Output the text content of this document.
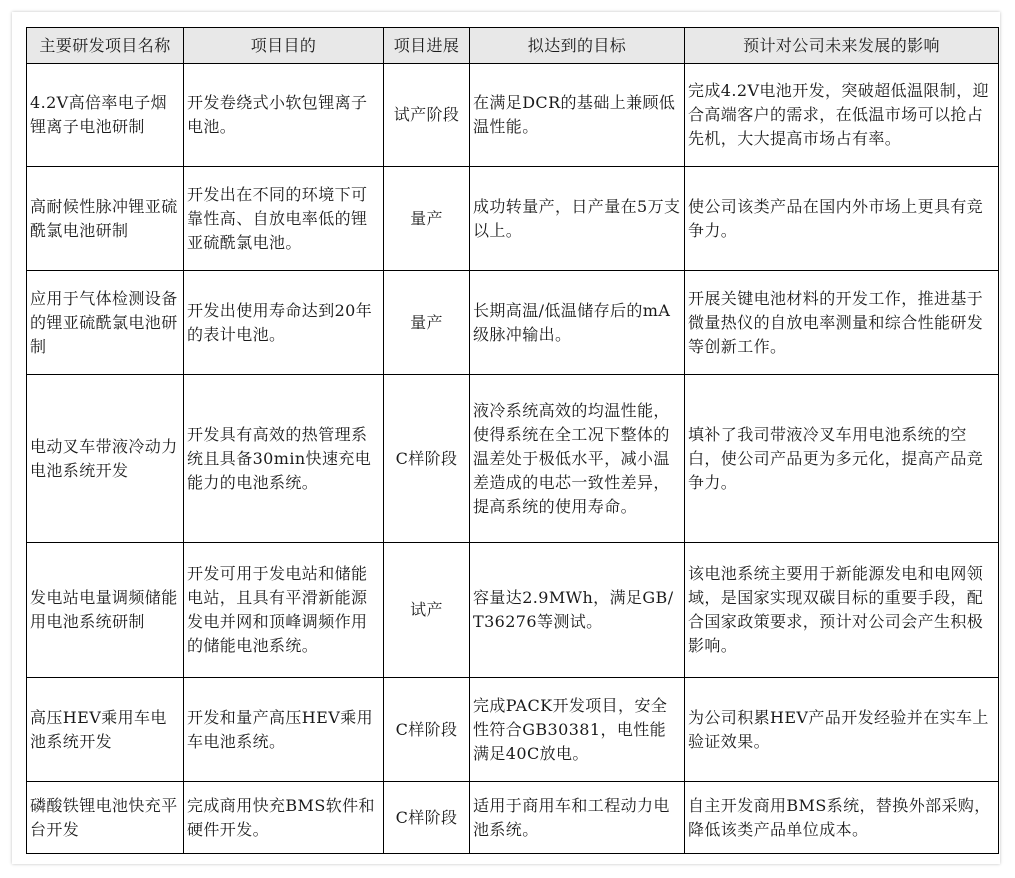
主要研发项目名称	项目目的	项目进展	拟达到的目标	预计对公司未来发展的影响
4.2V高倍率电子烟锂离子电池研制	开发卷绕式小软包锂离子电池。	试产阶段	在满足DCR的基础上兼顾低温性能。	完成4.2V电池开发，突破超低温限制，迎合高端客户的需求，在低温市场可以抢占先机，大大提高市场占有率。
高耐候性脉冲锂亚硫酰氯电池研制	开发出在不同的环境下可靠性高、自放电率低的锂亚硫酰氯电池。	量产	成功转量产，日产量在5万支以上。	使公司该类产品在国内外市场上更具有竞争力。
应用于气体检测设备的锂亚硫酰氯电池研制	开发出使用寿命达到20年的表计电池。	量产	长期高温/低温储存后的mA级脉冲输出。	开展关键电池材料的开发工作，推进基于微量热仪的自放电率测量和综合性能研发等创新工作。
电动叉车带液冷动力电池系统开发	开发具有高效的热管理系统且具备30min快速充电能力的电池系统。	C样阶段	液冷系统高效的均温性能，使得系统在全工况下整体的温差处于极低水平，减小温差造成的电芯一致性差异，提高系统的使用寿命。	填补了我司带液冷叉车用电池系统的空白，使公司产品更为多元化，提高产品竞争力。
发电站电量调频储能用电池系统研制	开发可用于发电站和储能电站，且具有平滑新能源发电并网和顶峰调频作用的储能电池系统。	试产	容量达2.9MWh，满足GB/T36276等测试。	该电池系统主要用于新能源发电和电网领域，是国家实现双碳目标的重要手段，配合国家政策要求，预计对公司会产生积极影响。
高压HEV乘用车电池系统开发	开发和量产高压HEV乘用车电池系统。	C样阶段	完成PACK开发项目，安全性符合GB30381，电性能满足40C放电。	为公司积累HEV产品开发经验并在实车上验证效果。
磷酸铁锂电池快充平台开发	完成商用快充BMS软件和硬件开发。	C样阶段	适用于商用车和工程动力电池系统。	自主开发商用BMS系统，替换外部采购，降低该类产品单位成本。
